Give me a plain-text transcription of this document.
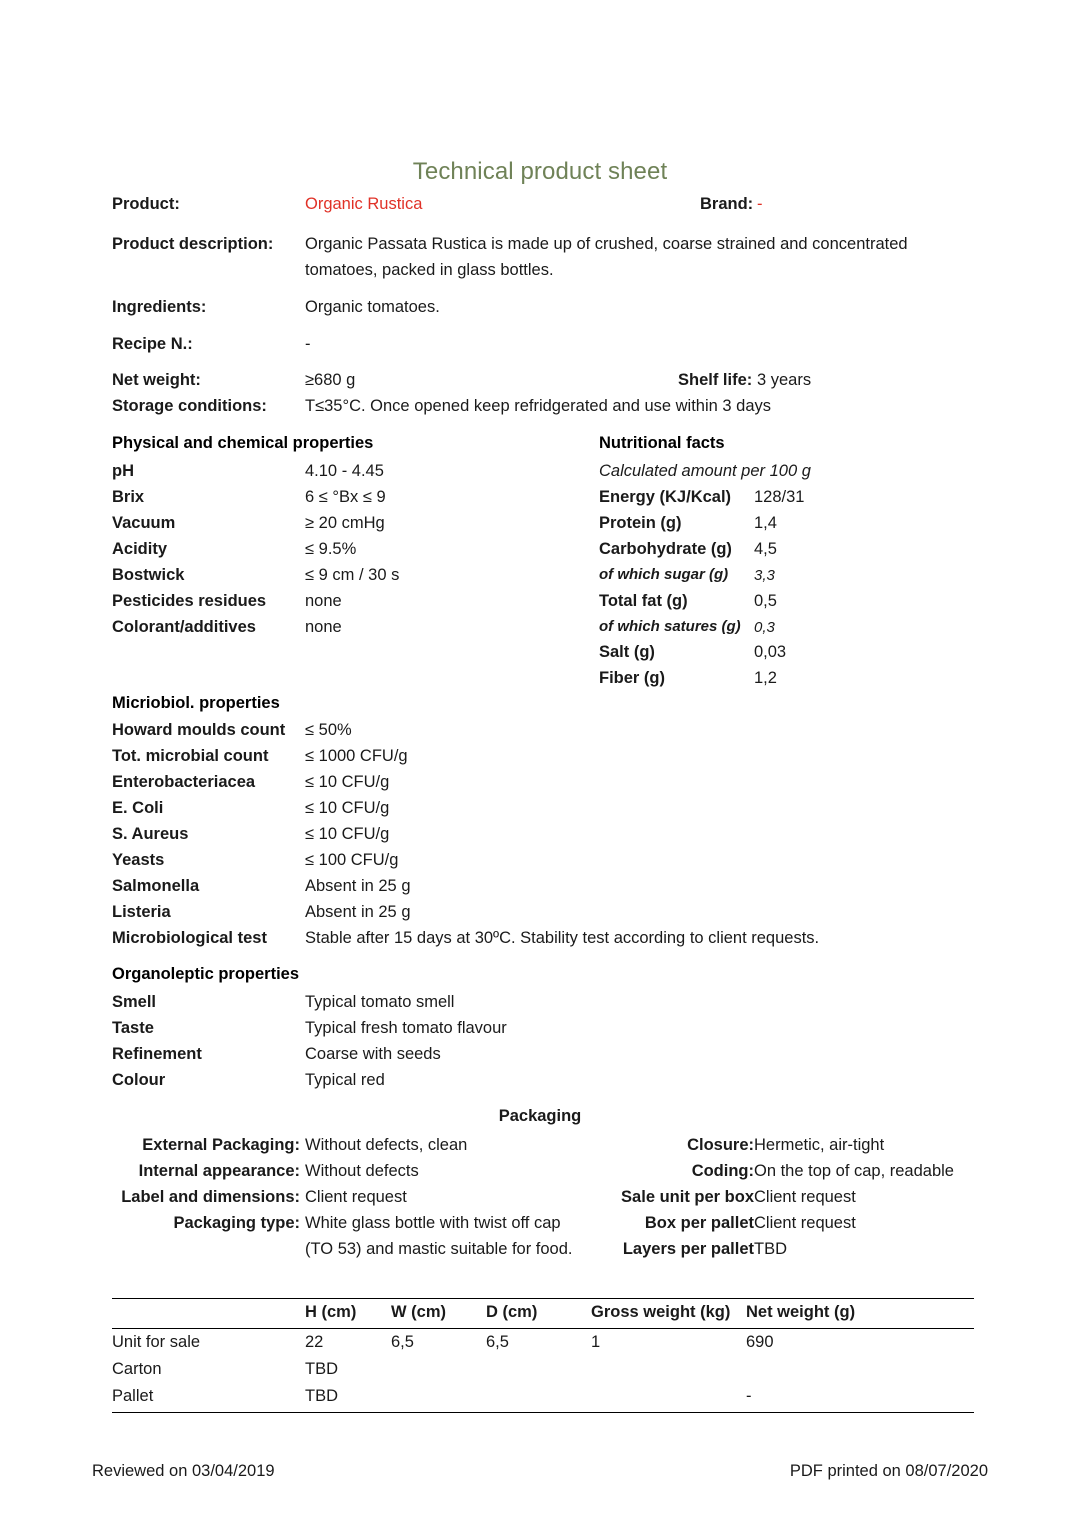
Technical product sheet
Product:	Organic Rustica	Brand: -
Product description: Organic Passata Rustica is made up of crushed, coarse strained and concentrated
tomatoes, packed in glass bottles.
Ingredients:	Organic tomatoes.
Recipe N.:	-
Net weight:	≥680 g	Shelf life: 3 years
Storage conditions: T≤35°C. Once opened keep refridgerated and use within 3 days
Physical and chemical properties
pH	4.10 - 4.45
Brix	6 ≤ °Bx ≤ 9
Vacuum	≥ 20 cmHg
Acidity	≤ 9.5%
Bostwick	≤ 9 cm / 30 s
Pesticides residues none
Colorant/additives	none
Nutritional facts
Calculated amount per 100 g
Energy (KJ/Kcal) 128/31
Protein (g)	1,4
Carbohydrate (g) 4,5
of which sugar (g) 3,3
Total fat (g)	0,5
of which satures (g) 0,3
Salt (g)	0,03
Fiber (g)	1,2
Micriobiol. properties
Howard moulds count ≤ 50%
Tot. microbial count ≤ 1000 CFU/g
Enterobacteriacea	≤ 10 CFU/g
E. Coli	≤ 10 CFU/g
S. Aureus	≤ 10 CFU/g
Yeasts	≤ 100 CFU/g
Salmonella	Absent in 25 g
Listeria	Absent in 25 g
Microbiological test Stable after 15 days at 30ºC. Stability test according to client requests.
Organoleptic properties
Smell	Typical tomato smell
Taste	Typical fresh tomato flavour
Refinement	Coarse with seeds
Colour	Typical red
Packaging
External Packaging: Without defects, clean
Internal appearance: Without defects
Label and dimensions: Client request
Packaging type: White glass bottle with twist off cap
(TO 53) and mastic suitable for food.
Closure: Hermetic, air-tight
Coding: On the top of cap, readable
Sale unit per box Client request
Box per pallet Client request
Layers per pallet TBD
	H (cm)	W (cm)	D (cm)	Gross weight (kg)	Net weight (g)
Unit for sale	22	6,5	6,5	1	690
Carton	TBD				
Pallet	TBD				-
Reviewed on 03/04/2019	PDF printed on 08/07/2020
